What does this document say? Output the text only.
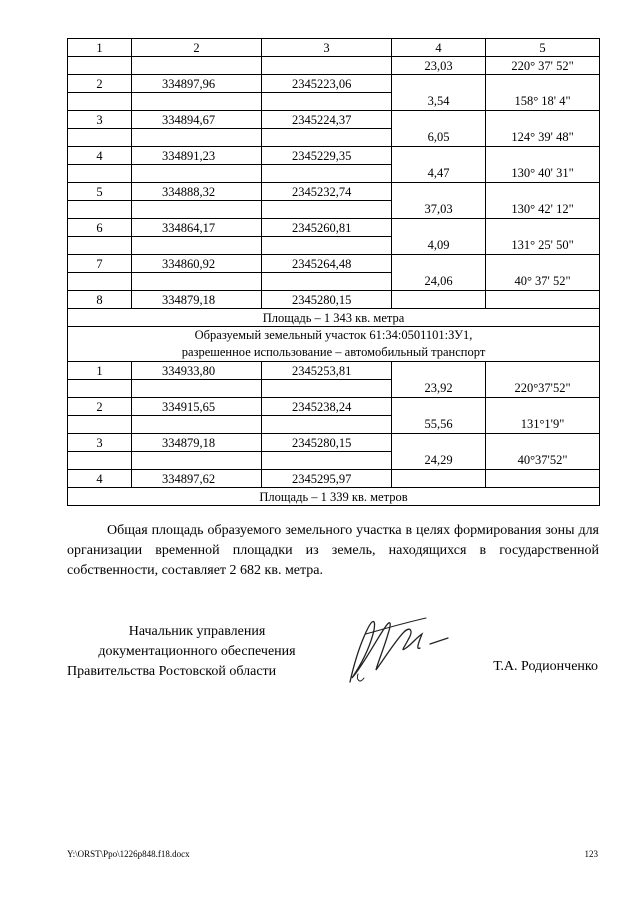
1	2	3	4	5
			23,03	220° 37' 52"
2	334897,96	2345223,06		
			3,54	158° 18' 4"
3	334894,67	2345224,37		
			6,05	124° 39' 48"
4	334891,23	2345229,35		
			4,47	130° 40' 31"
5	334888,32	2345232,74		
			37,03	130° 42' 12"
6	334864,17	2345260,81		
			4,09	131° 25' 50"
7	334860,92	2345264,48		
			24,06	40° 37' 52"
8	334879,18	2345280,15		
Площадь – 1 343 кв. метра				

Образуемый земельный участок 61:34:0501101:ЗУ1,
разрешенное использование – автомобильный транспорт				

1	334933,80	2345253,81		
			23,92	220°37'52"
2	334915,65	2345238,24		
			55,56	131°1'9"
3	334879,18	2345280,15		
			24,29	40°37'52"
4	334897,62	2345295,97		
Площадь – 1 339 кв. метров				

Общая площадь образуемого земельного участка в целях формирования зоны для организации временной площадки из земель, находящихся в государственной собственности, составляет 2 682 кв. метра.

Начальник управления
документационного обеспечения
Правительства Ростовской области	Т.А. Родионченко
Y:\ORST\Ppo\1226p848.f18.docx	123
